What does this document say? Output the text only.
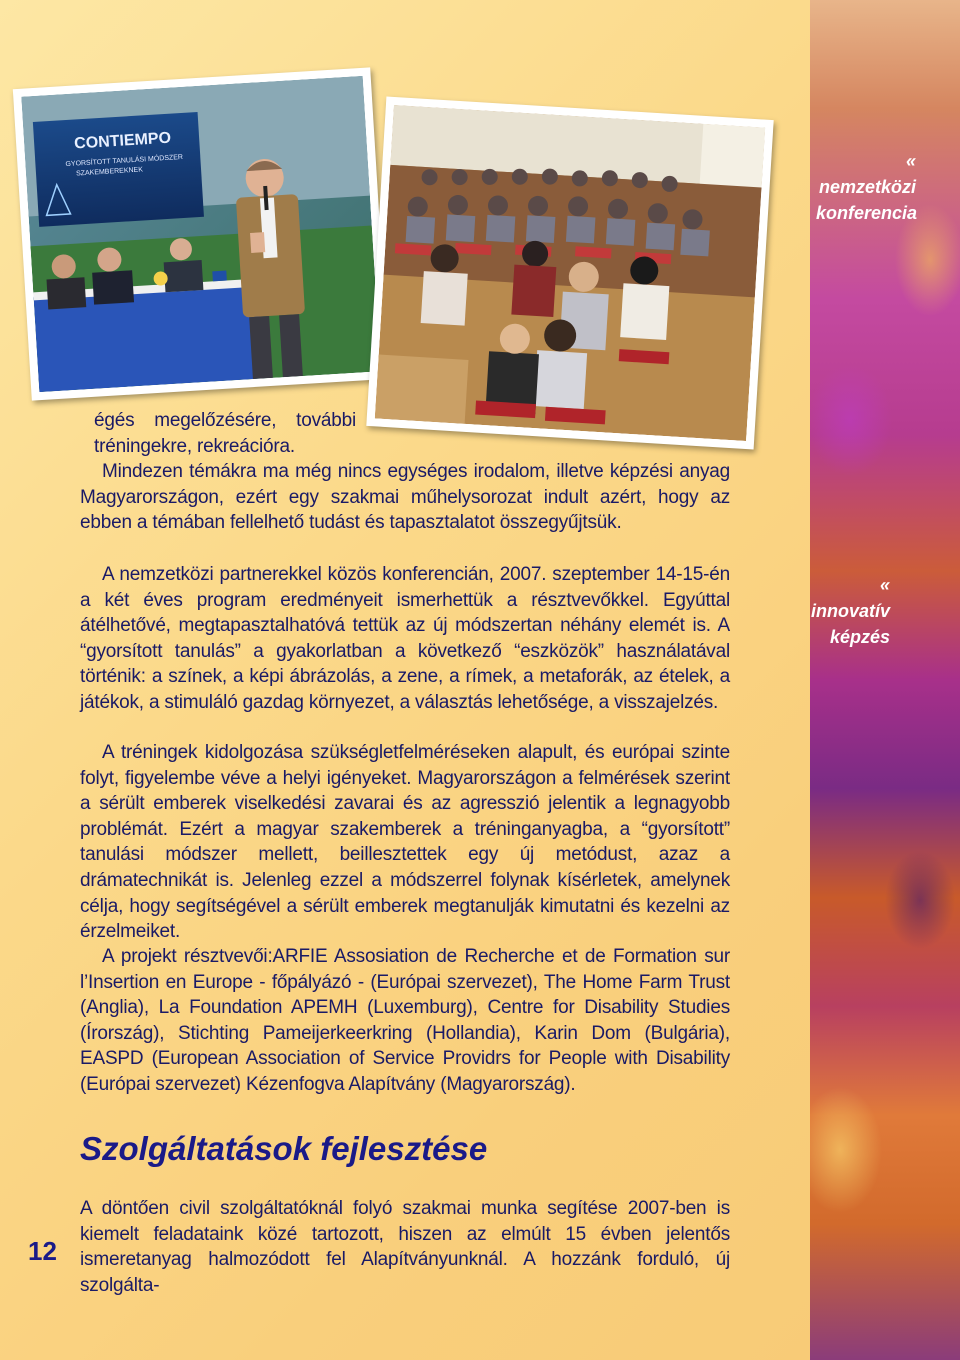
« nemzetközi konferencia
« innovatív képzés
CONTIEMPO
GYORSÍTOTT TANULÁSI MÓDSZER
SZAKEMBEREKNEK

égés megelőzésére, további tréningekre, rekreációra.

Mindezen témákra ma még nincs egységes irodalom, illetve képzési anyag Magyarországon, ezért egy szakmai műhelysorozat indult azért, hogy az ebben a témában fellelhető tudást és tapasztalatot összegyűjtsük.

A nemzetközi partnerekkel közös konferencián, 2007. szeptember 14-15-én a két éves program eredményeit ismerhettük a résztvevőkkel. Egyúttal átélhetővé, megtapasztalhatóvá tettük az új módszertan néhány elemét is. A “gyorsított tanulás” a gyakorlatban a következő “eszközök” használatával történik: a színek, a képi ábrázolás, a zene, a rímek, a metaforák, az ételek, a játékok, a stimuláló gazdag környezet, a választás lehetősége, a visszajelzés.

A tréningek kidolgozása szükségletfelméréseken alapult, és európai szinte folyt, figyelembe véve a helyi igényeket. Magyarországon a felmérések szerint a sérült emberek viselkedési zavarai és az agresszió jelentik a legnagyobb problémát. Ezért a magyar szakemberek a tréninganyagba, a “gyorsított” tanulási módszer mellett, beillesztettek egy új metódust, azaz a drámatechnikát is. Jelenleg ezzel a módszerrel folynak kísérletek, amelynek célja, hogy segítségével a sérült emberek megtanulják kimutatni és kezelni az érzelmeiket.

A projekt résztvevői:ARFIE Assosiation de Recherche et de Formation sur l’Insertion en Europe - főpályázó - (Európai szervezet), The Home Farm Trust (Anglia), La Foundation APEMH (Luxemburg), Centre for Disability Studies (Írország), Stichting Pameijerkeerkring (Hollandia), Karin Dom (Bulgária), EASPD (European Association of Service Providrs for People with Disability (Európai szervezet) Kézenfogva Alapítvány (Magyarország).

Szolgáltatások fejlesztése

A döntően civil szolgáltatóknál folyó szakmai munka segítése 2007-ben is kiemelt feladataink közé tartozott, hiszen az elmúlt 15 évben jelentős ismeretanyag halmozódott fel Alapítványunknál. A hozzánk forduló, új szolgálta-

12
